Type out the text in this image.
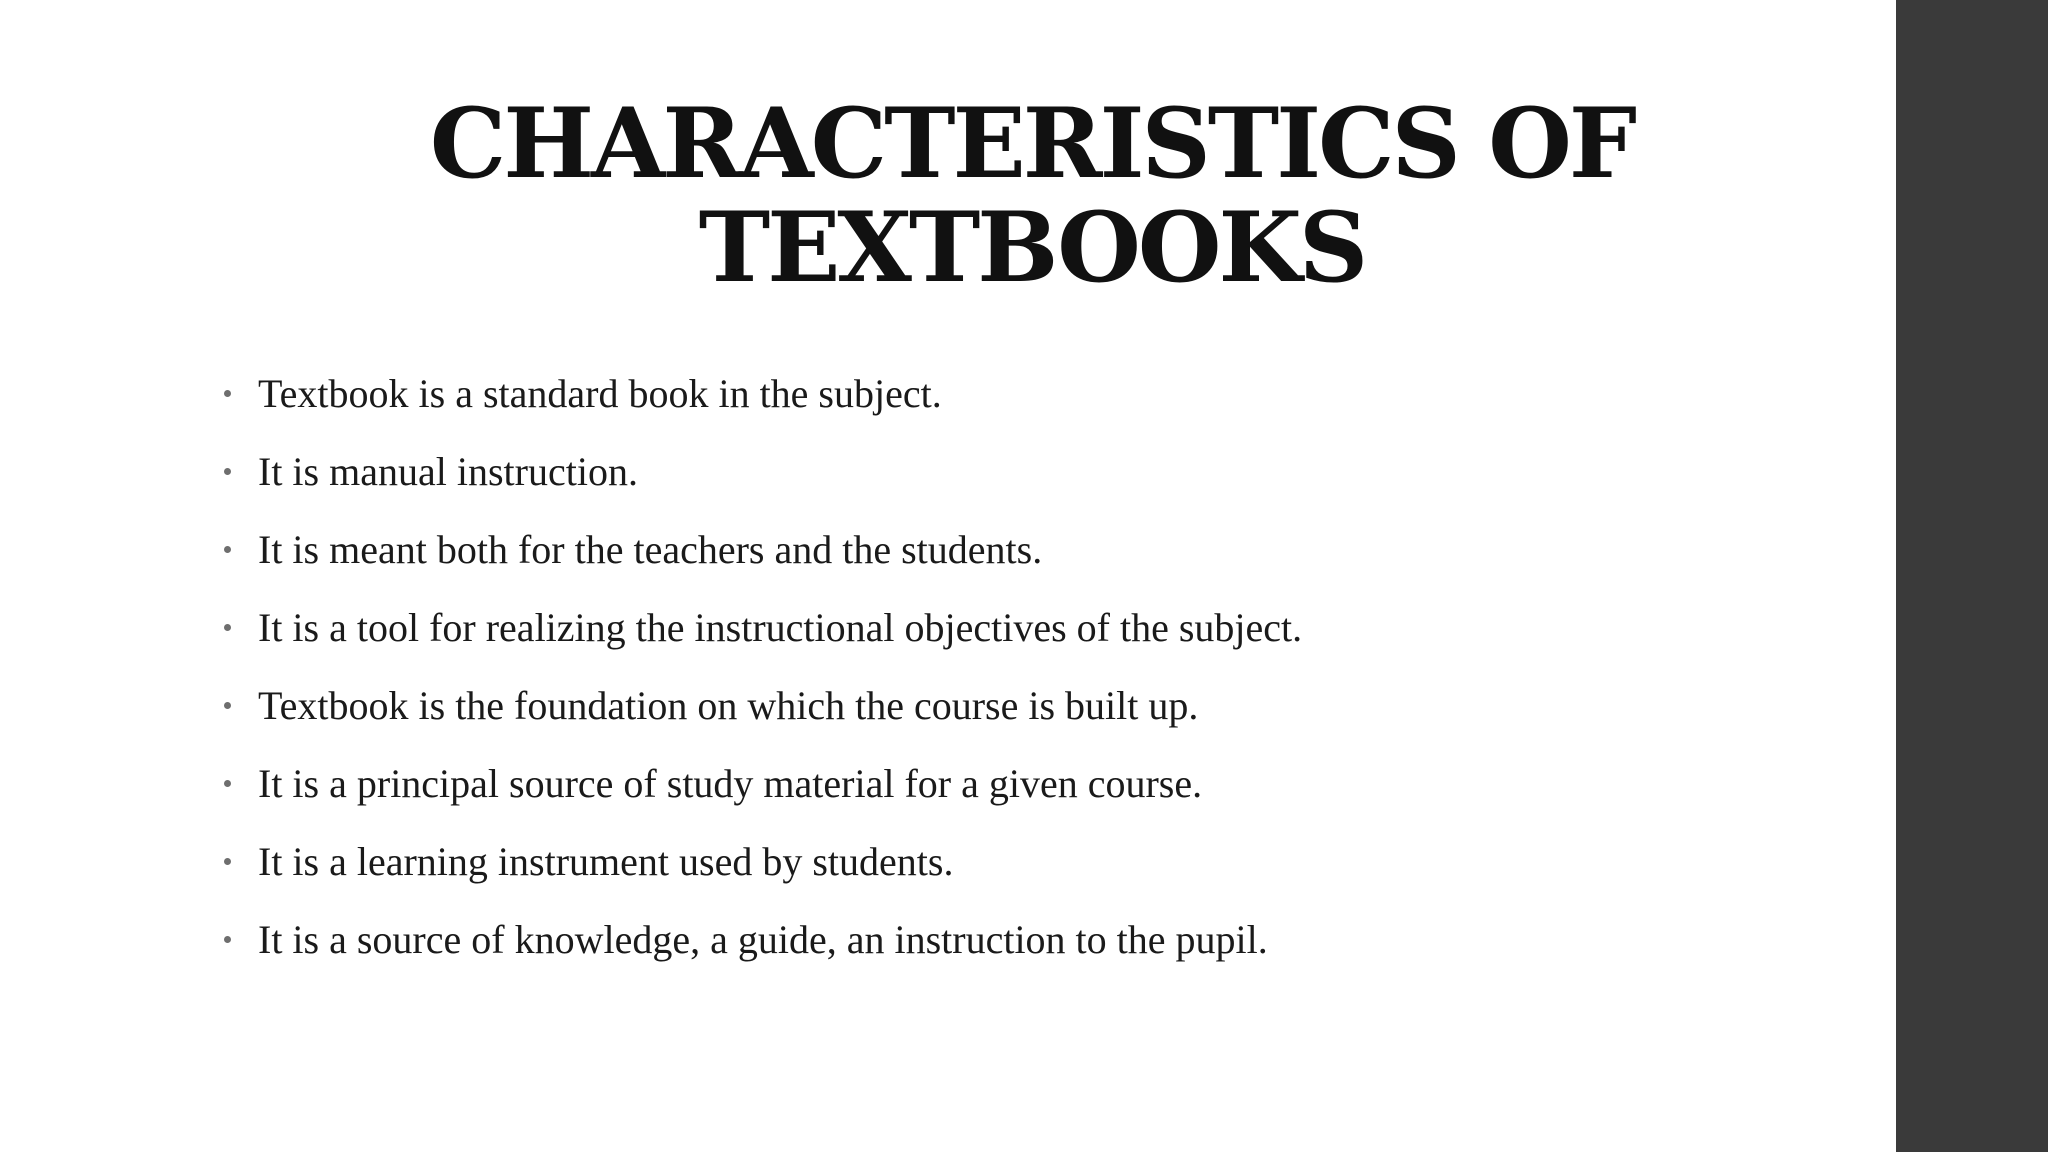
CHARACTERISTICS OF
TEXTBOOKS
Textbook is a standard book in the subject.
It is manual instruction.
It is meant both for the teachers and the students.
It is a tool for realizing the instructional objectives of the subject.
Textbook is the foundation on which the course is built up.
It is a principal source of study material for a given course.
It is a learning instrument used by students.
It is a source of knowledge, a guide, an instruction to the pupil.
